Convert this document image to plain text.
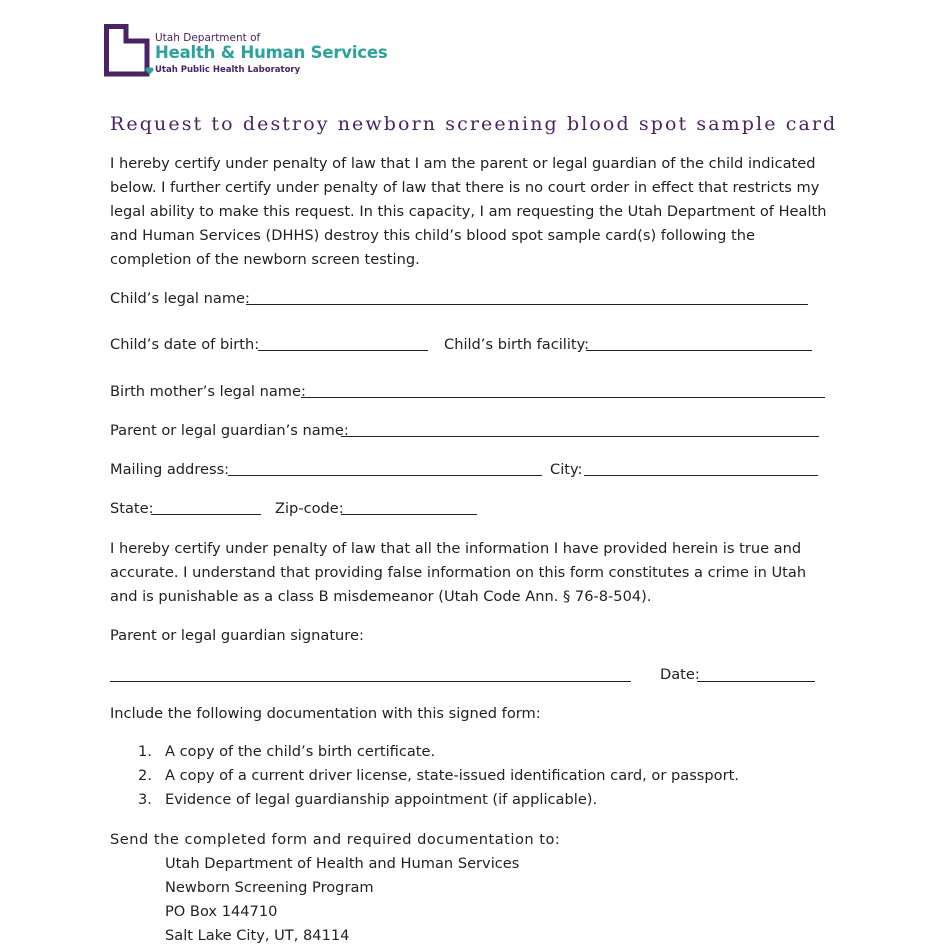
Utah Department of
Health & Human Services
Utah Public Health Laboratory
Request to destroy newborn screening blood spot sample card

I hereby certify under penalty of law that I am the parent or legal guardian of the child indicated below. I further certify under penalty of law that there is no court order in effect that restricts my legal ability to make this request. In this capacity, I am requesting the Utah Department of Health and Human Services (DHHS) destroy this child’s blood spot sample card(s) following the completion of the newborn screen testing.

Child’s legal name:
Child’s date of birth:	Child’s birth facility:
Birth mother’s legal name:
Parent or legal guardian’s name:
Mailing address:	City:
State:	Zip-code:

I hereby certify under penalty of law that all the information I have provided herein is true and accurate. I understand that providing false information on this form constitutes a crime in Utah and is punishable as a class B misdemeanor (Utah Code Ann. § 76-8-504).

Parent or legal guardian signature:
Date:
Include the following documentation with this signed form:
1. A copy of the child’s birth certificate.
2. A copy of a current driver license, state-issued identification card, or passport.
3. Evidence of legal guardianship appointment (if applicable).
Send the completed form and required documentation to:
Utah Department of Health and Human Services
Newborn Screening Program
PO Box 144710
Salt Lake City, UT, 84114
